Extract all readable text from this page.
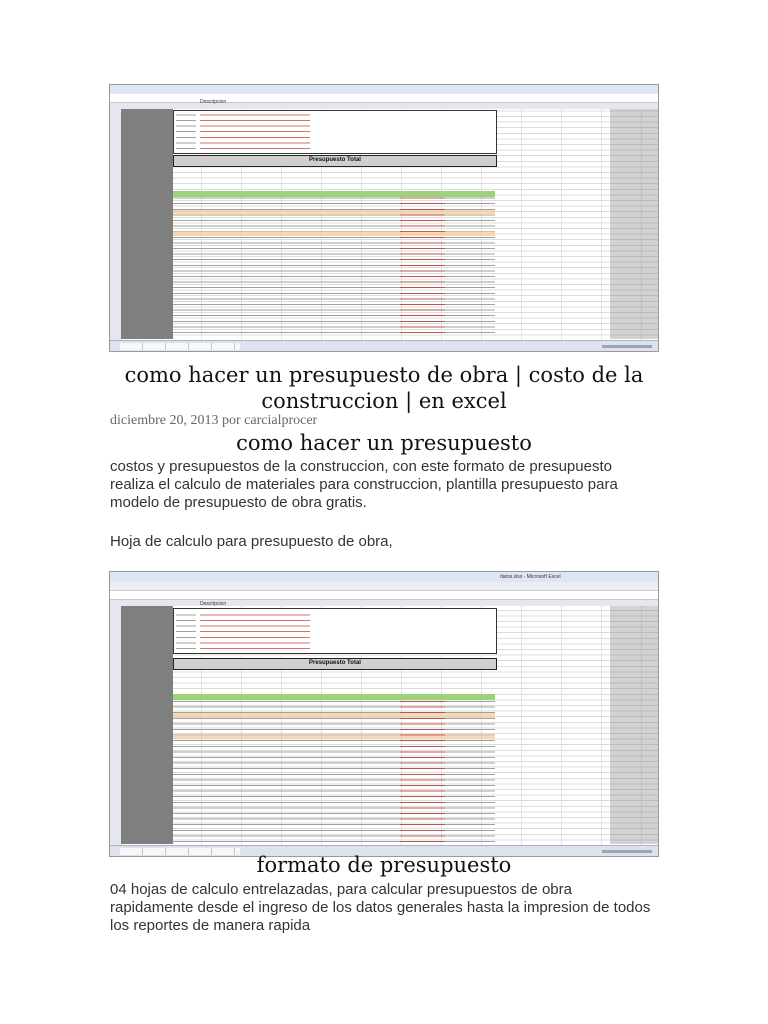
Descripcion
Presupuesto Total
como hacer un presupuesto de obra | costo de la construccion | en excel
diciembre 20, 2013 por carcialprocer
como hacer un presupuesto
costos y presupuestos de la construccion, con este formato de presupuesto realiza el calculo de materiales para construccion, plantilla presupuesto para modelo de presupuesto de obra gratis.
Hoja de calculo para presupuesto de obra,
datos.xlsx - Microsoft Excel
Descripcion
Presupuesto Total
formato de presupuesto
04 hojas de calculo entrelazadas, para calcular presupuestos de obra rapidamente desde el ingreso de los datos generales hasta la impresion de todos los reportes de manera rapida
